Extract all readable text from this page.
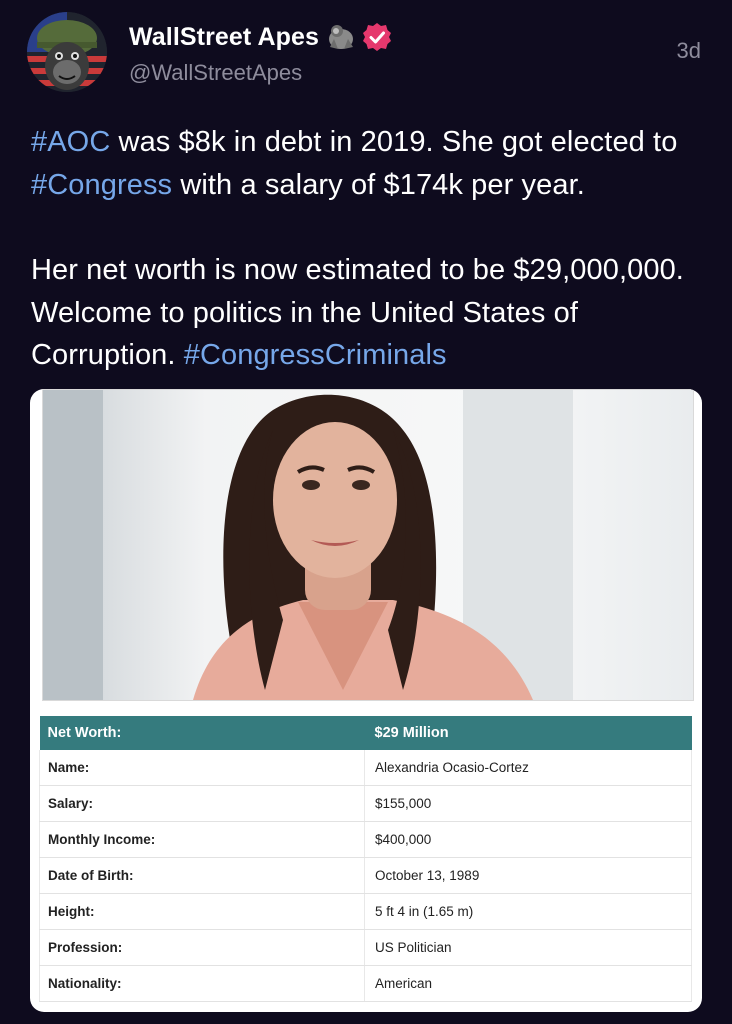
WallStreet Apes
@WallStreetApes
3d

#AOC was $8k in debt in 2019. She got elected to #Congress with a salary of $174k per year.

Her net worth is now estimated to be $29,000,000. Welcome to politics in the United States of Corruption. #CongressCriminals

Net Worth:	$29 Million
Name:	Alexandria Ocasio-Cortez
Salary:	$155,000
Monthly Income:	$400,000
Date of Birth:	October 13, 1989
Height:	5 ft 4 in (1.65 m)
Profession:	US Politician
Nationality:	American
